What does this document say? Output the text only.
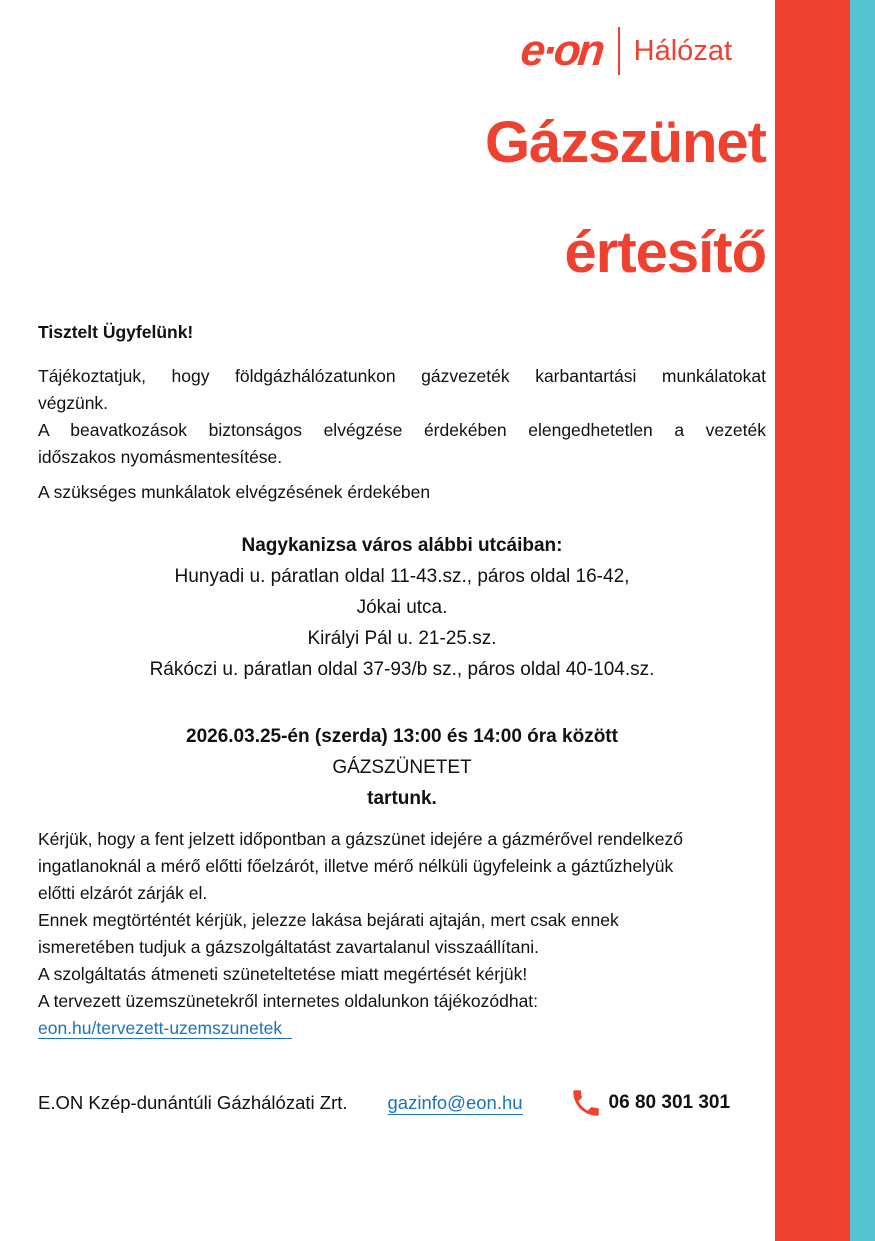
e·on Hálózat
Gázszünet
értesítő

Tisztelt Ügyfelünk!

Tájékoztatjuk, hogy földgázhálózatunkon gázvezeték karbantartási munkálatokat
végzünk.
A beavatkozások biztonságos elvégzése érdekében elengedhetetlen a vezeték
időszakos nyomásmentesítése.
A szükséges munkálatok elvégzésének érdekében
Nagykanizsa város alábbi utcáiban:
Hunyadi u. páratlan oldal 11-43.sz., páros oldal 16-42,
Jókai utca.
Királyi Pál u. 21-25.sz.
Rákóczi u. páratlan oldal 37-93/b sz., páros oldal 40-104.sz.
2026.03.25-én (szerda) 13:00 és 14:00 óra között
GÁZSZÜNETET
tartunk.
Kérjük, hogy a fent jelzett időpontban a gázszünet idejére a gázmérővel rendelkező
ingatlanoknál a mérő előtti főelzárót, illetve mérő nélküli ügyfeleink a gáztűzhelyük
előtti elzárót zárják el.
Ennek megtörténtét kérjük, jelezze lakása bejárati ajtaján, mert csak ennek
ismeretében tudjuk a gázszolgáltatást zavartalanul visszaállítani.
A szolgáltatás átmeneti szüneteltetése miatt megértését kérjük!
A tervezett üzemszünetekről internetes oldalunkon tájékozódhat:
eon.hu/tervezett-uzemszunetek
E.ON Kzép-dunántúli Gázhálózati Zrt. gazinfo@eon.hu	06 80 301 301
